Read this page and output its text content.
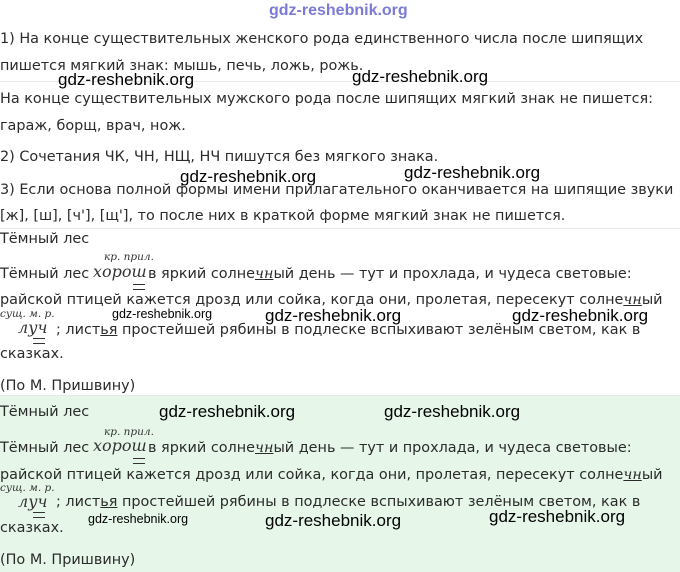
gdz-reshebnik.org
1) На конце существительных женского рода единственного числа после шипящих
пишется мягкий знак: мышь, печь, ложь, рожь.
На конце существительных мужского рода после шипящих мягкий знак не пишется:
гараж, борщ, врач, нож.
2) Сочетания ЧК, ЧН, НЩ, НЧ пишутся без мягкого знака.
3) Если основа полной формы имени прилагательного оканчивается на шипящие звуки
[ж], [ш], [ч'], [щ'], то после них в краткой форме мягкий знак не пишется.
Тёмный лес
кр. прил.
Тёмный лес хорош в яркий солнечный день — тут и прохлада, и чудеса световые:
райской птицей кажется дрозд или сойка, когда они, пролетая, пересекут солнечный
сущ. м. р.
луч ; листья простейшей рябины в подлеске вспыхивают зелёным светом, как в
сказках.
(По М. Пришвину)
Тёмный лес
кр. прил.
Тёмный лес хорош в яркий солнечный день — тут и прохлада, и чудеса световые:
райской птицей кажется дрозд или сойка, когда они, пролетая, пересекут солнечный
сущ. м. р.
луч ; листья простейшей рябины в подлеске вспыхивают зелёным светом, как в
сказках.
(По М. Пришвину)
gdz-reshebnik.org	gdz-reshebnik.org
gdz-reshebnik.org	gdz-reshebnik.org
gdz-reshebnik.org	gdz-reshebnik.org	gdz-reshebnik.org
gdz-reshebnik.org	gdz-reshebnik.org
gdz-reshebnik.org	gdz-reshebnik.org	gdz-reshebnik.org
